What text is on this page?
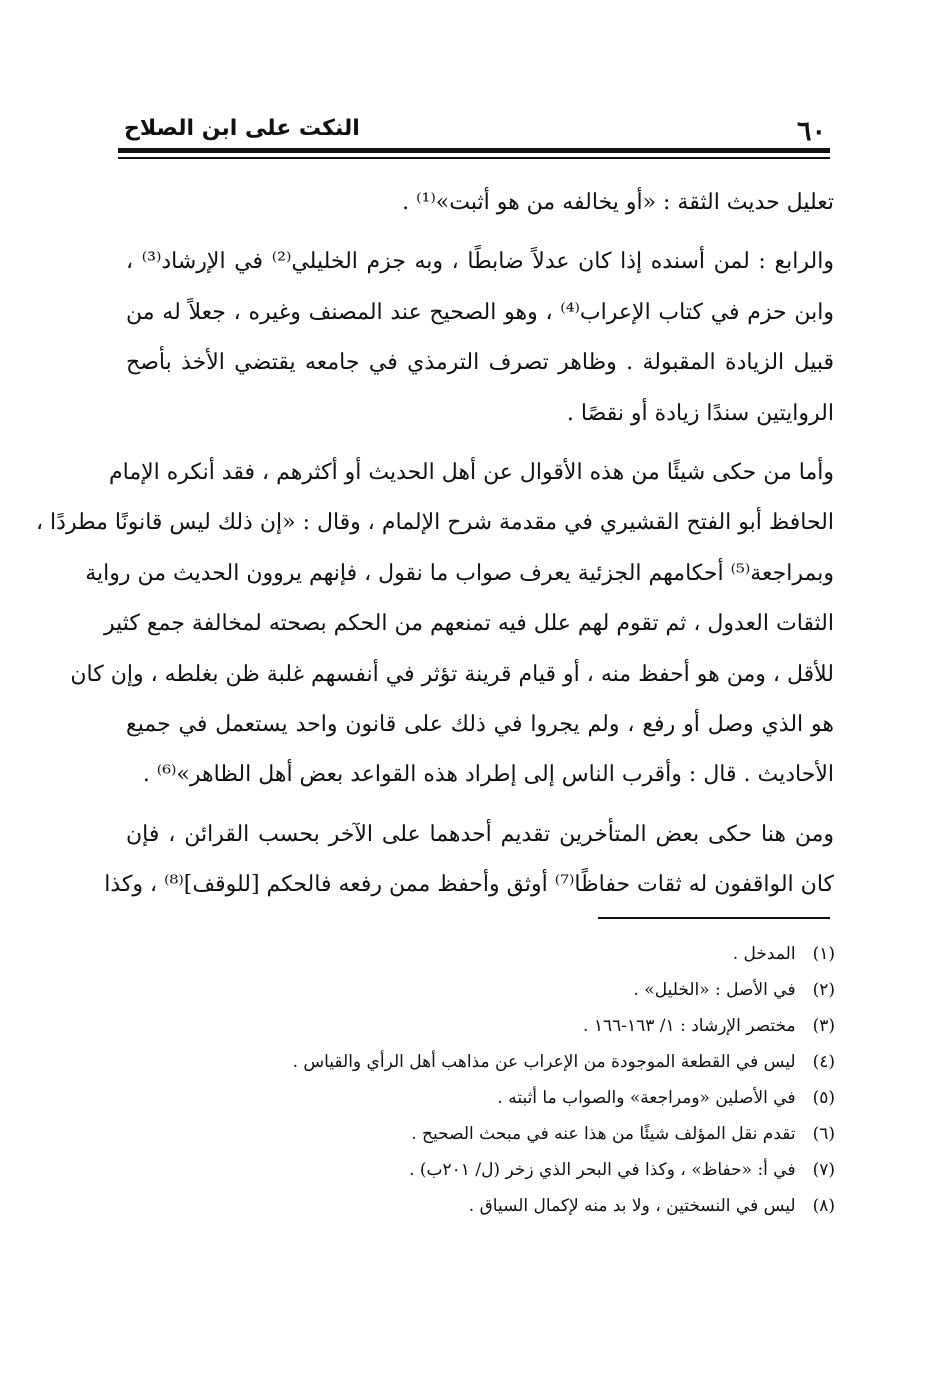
٦٠
النكت على ابن الصلاح
تعليل حديث الثقة : «أو يخالفه من هو أثبت»⁽¹⁾ .
والرابع : لمن أسنده إذا كان عدلاً ضابطًا ، وبه جزم الخليلي⁽²⁾ في الإرشاد⁽³⁾ ،
وابن حزم في كتاب الإعراب⁽⁴⁾ ، وهو الصحيح عند المصنف وغيره ، جعلاً له من
قبيل الزيادة المقبولة . وظاهر تصرف الترمذي في جامعه يقتضي الأخذ بأصح
الروايتين سندًا زيادة أو نقصًا .
وأما من حكى شيئًا من هذه الأقوال عن أهل الحديث أو أكثرهم ، فقد أنكره الإمام
الحافظ أبو الفتح القشيري في مقدمة شرح الإلمام ، وقال : «إن ذلك ليس قانونًا مطردًا ،
وبمراجعة⁽⁵⁾ أحكامهم الجزئية يعرف صواب ما نقول ، فإنهم يروون الحديث من رواية
الثقات العدول ، ثم تقوم لهم علل فيه تمنعهم من الحكم بصحته لمخالفة جمع كثير
للأقل ، ومن هو أحفظ منه ، أو قيام قرينة تؤثر في أنفسهم غلبة ظن بغلطه ، وإن كان
هو الذي وصل أو رفع ، ولم يجروا في ذلك على قانون واحد يستعمل في جميع
الأحاديث . قال : وأقرب الناس إلى إطراد هذه القواعد بعض أهل الظاهر»⁽⁶⁾ .
ومن هنا حكى بعض المتأخرين تقديم أحدهما على الآخر بحسب القرائن ، فإن
كان الواقفون له ثقات حفاظًا⁽⁷⁾ أوثق وأحفظ ممن رفعه فالحكم [للوقف]⁽⁸⁾ ، وكذا
(١) المدخل .
(٢) في الأصل : «الخليل» .
(٣) مختصر الإرشاد : ١/ ١٦٣-١٦٦ .
(٤) ليس في القطعة الموجودة من الإعراب عن مذاهب أهل الرأي والقياس .
(٥) في الأصلين «ومراجعة» والصواب ما أثبته .
(٦) تقدم نقل المؤلف شيئًا من هذا عنه في مبحث الصحيح .
(٧) في أ: «حفاظ» ، وكذا في البحر الذي زخر (ل/ ٢٠١ب) .
(٨) ليس في النسختين ، ولا بد منه لإكمال السياق .
